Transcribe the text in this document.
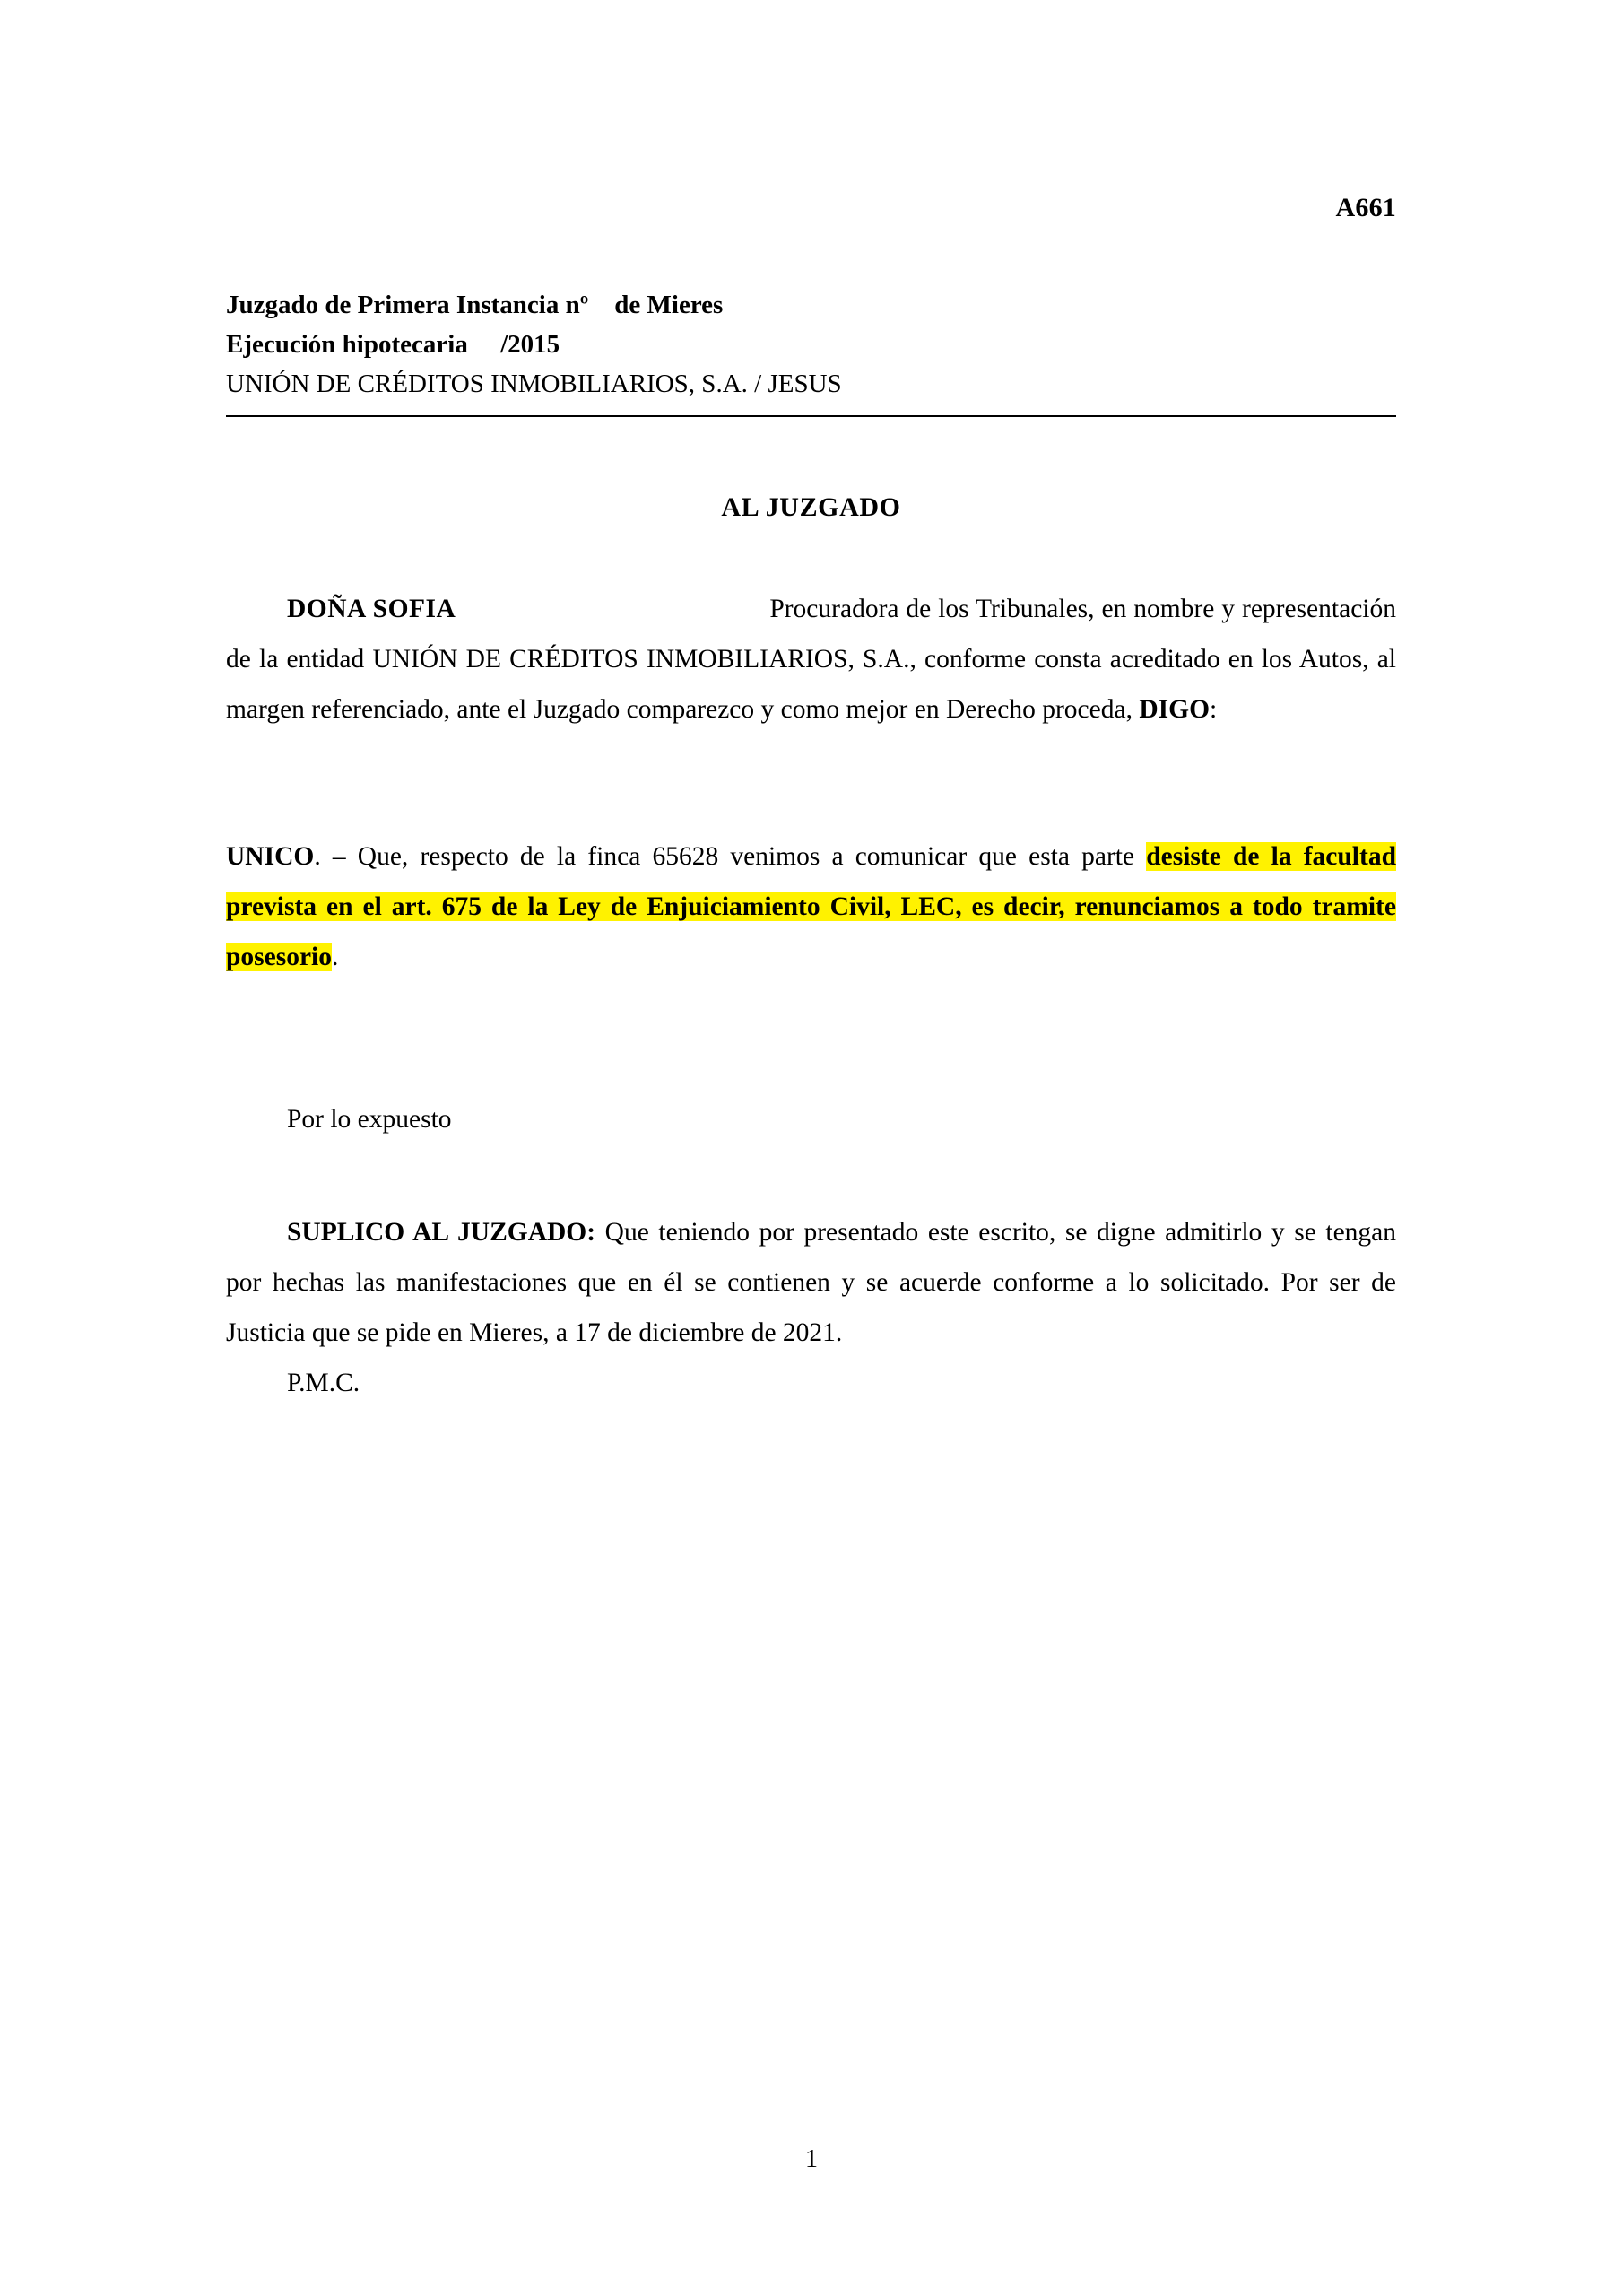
A661
Juzgado de Primera Instancia nº    de Mieres
Ejecución hipotecaria     /2015
UNIÓN DE CRÉDITOS INMOBILIARIOS, S.A. / JESUS
AL JUZGADO

DOÑA SOFIA	Procuradora de los Tribunales, en nombre y representación de la entidad UNIÓN DE CRÉDITOS INMOBILIARIOS, S.A., conforme consta acreditado en los Autos, al margen referenciado, ante el Juzgado comparezco y como mejor en Derecho proceda, DIGO:

UNICO. – Que, respecto de la finca 65628 venimos a comunicar que esta parte desiste de la facultad prevista en el art. 675 de la Ley de Enjuiciamiento Civil, LEC, es decir, renunciamos a todo tramite posesorio.

Por lo expuesto

SUPLICO AL JUZGADO: Que teniendo por presentado este escrito, se digne admitirlo y se tengan por hechas las manifestaciones que en él se contienen y se acuerde conforme a lo solicitado. Por ser de Justicia que se pide en Mieres, a 17 de diciembre de 2021.

P.M.C.

1
